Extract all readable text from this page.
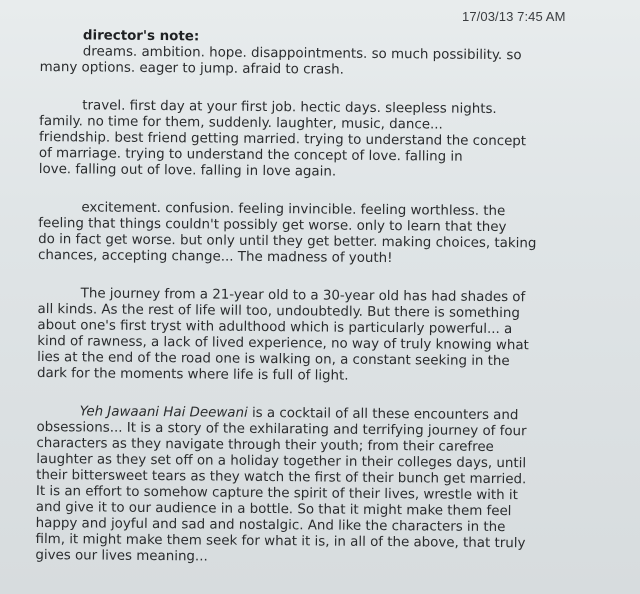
17/03/13 7:45 AM
director's note:
dreams. ambition. hope. disappointments. so much possibility. so
many options. eager to jump. afraid to crash.
travel. first day at your first job. hectic days. sleepless nights.
family. no time for them, suddenly. laughter, music, dance...
friendship. best friend getting married. trying to understand the concept
of marriage. trying to understand the concept of love. falling in
love. falling out of love. falling in love again.
excitement. confusion. feeling invincible. feeling worthless. the
feeling that things couldn't possibly get worse. only to learn that they
do in fact get worse. but only until they get better. making choices, taking
chances, accepting change... The madness of youth!
The journey from a 21-year old to a 30-year old has had shades of
all kinds. As the rest of life will too, undoubtedly. But there is something
about one's first tryst with adulthood which is particularly powerful... a
kind of rawness, a lack of lived experience, no way of truly knowing what
lies at the end of the road one is walking on, a constant seeking in the
dark for the moments where life is full of light.
Yeh Jawaani Hai Deewani is a cocktail of all these encounters and
obsessions... It is a story of the exhilarating and terrifying journey of four
characters as they navigate through their youth; from their carefree
laughter as they set off on a holiday together in their colleges days, until
their bittersweet tears as they watch the first of their bunch get married.
It is an effort to somehow capture the spirit of their lives, wrestle with it
and give it to our audience in a bottle. So that it might make them feel
happy and joyful and sad and nostalgic. And like the characters in the
film, it might make them seek for what it is, in all of the above, that truly
gives our lives meaning...
